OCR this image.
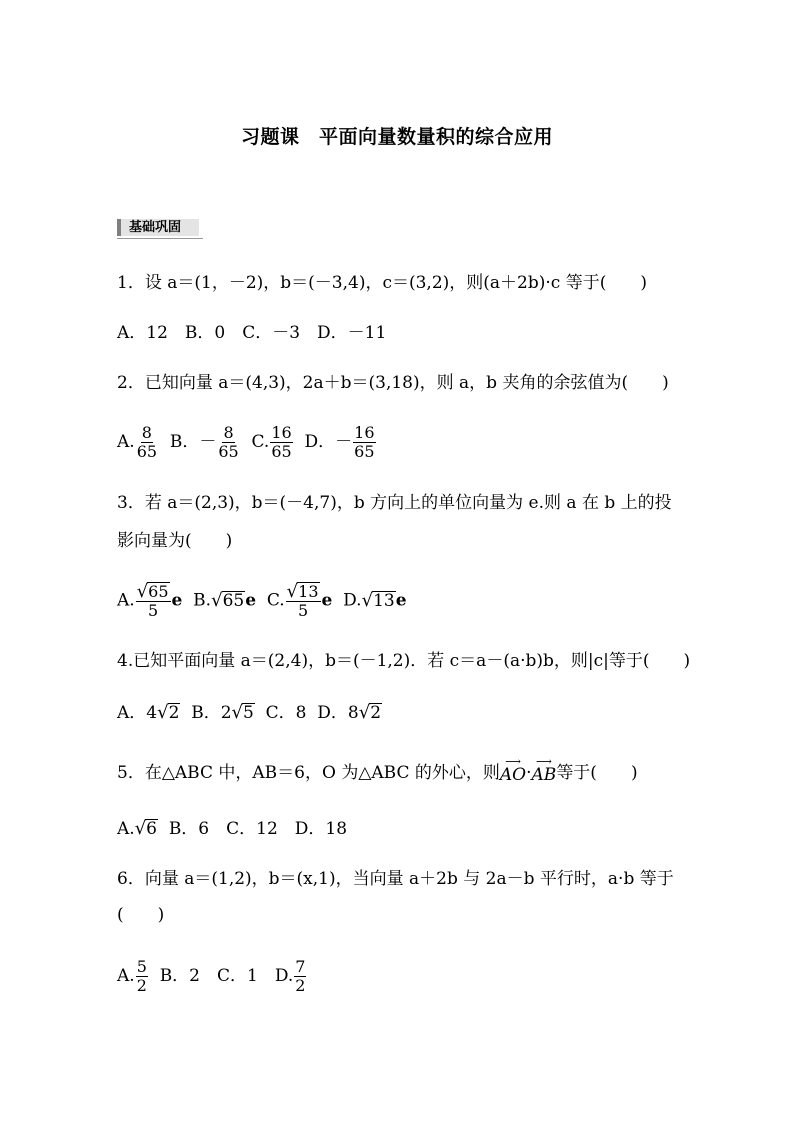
习题课　平面向量数量积的综合应用
基础巩固
1．设 a＝(1，－2)，b＝(－3,4)，c＝(3,2)，则(a＋2b)·c 等于(　　)
A．12　B．0　C．－3　D．－11
2．已知向量 a＝(4,3)，2a＋b＝(3,18)，则 a，b 夹角的余弦值为(　　)
A. $\frac{8}{65}$ B．－ $\frac{8}{65} C$. $\frac{16}{65}$ D．－ $\frac{16}{65}$
3．若 a＝(2,3)，b＝(－4,7)，b 方向上的单位向量为 e.则 a 在 b 上的投
影向量为(　　)
A. $\frac{√ 65}{5}$ e B. √ 65 e C. $\frac{√ 13}{5}$ e D. √ 13 e
4.已知平面向量 a＝(2,4)，b＝(－1,2)．若 c＝a－(a·b)b，则|c|等于(　　)
A．4 √ 2 B．2 √ 5 C．8 D．8 √ 2
5．在△ABC 中，AB＝6，O 为△ABC 的外心，则
⟶
AO ·
⟶
AB 等于(　　)
A. √ 6 B．6　C．12　D．18
6．向量 a＝(1,2)，b＝(x,1)，当向量 a＋2b 与 2a－b 平行时，a·b 等于
(　　)
A. $\frac{5}{2}$ B．2　C．1　D. $\frac{7}{2}$
